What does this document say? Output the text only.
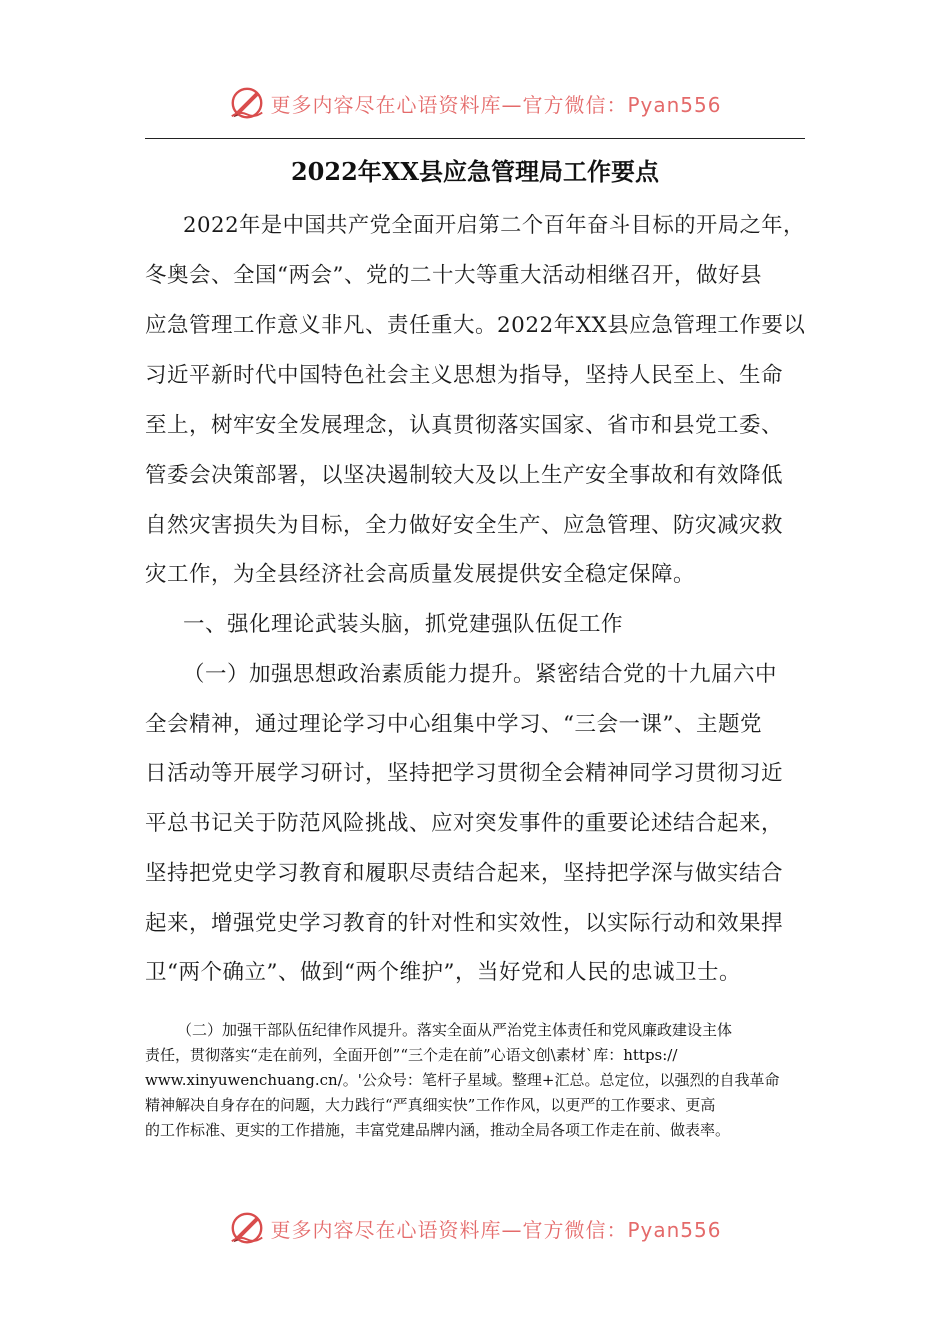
更多内容尽在心语资料库—官方微信：Pyan556
2022年XX县应急管理局工作要点
2022年是中国共产党全面开启第二个百年奋斗目标的开局之年，
冬奥会、全国“两会”、党的二十大等重大活动相继召开，做好县
应急管理工作意义非凡、责任重大。2022年XX县应急管理工作要以
习近平新时代中国特色社会主义思想为指导，坚持人民至上、生命
至上，树牢安全发展理念，认真贯彻落实国家、省市和县党工委、
管委会决策部署，以坚决遏制较大及以上生产安全事故和有效降低
自然灾害损失为目标，全力做好安全生产、应急管理、防灾减灾救
灾工作，为全县经济社会高质量发展提供安全稳定保障。
一、强化理论武装头脑，抓党建强队伍促工作
（一）加强思想政治素质能力提升。紧密结合党的十九届六中
全会精神，通过理论学习中心组集中学习、“三会一课”、主题党
日活动等开展学习研讨，坚持把学习贯彻全会精神同学习贯彻习近
平总书记关于防范风险挑战、应对突发事件的重要论述结合起来，
坚持把党史学习教育和履职尽责结合起来，坚持把学深与做实结合
起来，增强党史学习教育的针对性和实效性，以实际行动和效果捍
卫“两个确立”、做到“两个维护”，当好党和人民的忠诚卫士。
（二）加强干部队伍纪律作风提升。落实全面从严治党主体责任和党风廉政建设主体
责任，贯彻落实“走在前列，全面开创”“三个走在前”心语文创\素材`库：https://
www.xinyuwenchuang.cn/。'公众号：笔杆子星域。整理+汇总。总定位，以强烈的自我革命
精神解决自身存在的问题，大力践行“严真细实快”工作作风，以更严的工作要求、更高
的工作标准、更实的工作措施，丰富党建品牌内涵，推动全局各项工作走在前、做表率。
更多内容尽在心语资料库—官方微信：Pyan556
